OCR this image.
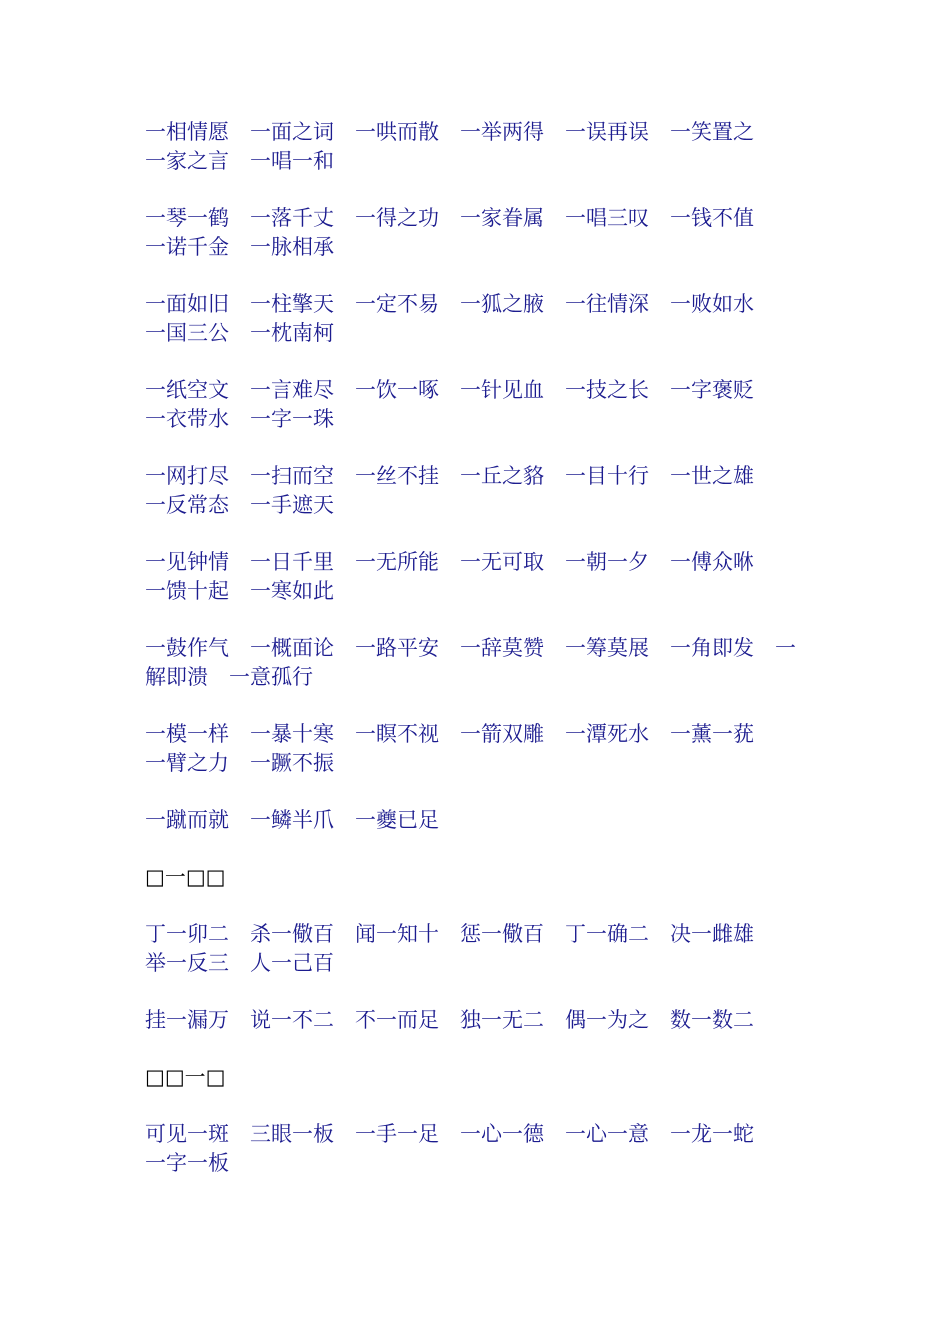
一相情愿　一面之词　一哄而散　一举两得　一误再误　一笑置之
一家之言　一唱一和
一琴一鹤　一落千丈　一得之功　一家眷属　一唱三叹　一钱不值
一诺千金　一脉相承
一面如旧　一柱擎天　一定不易　一狐之腋　一往情深　一败如水
一国三公　一枕南柯
一纸空文　一言难尽　一饮一啄　一针见血　一技之长　一字褒贬
一衣带水　一字一珠
一网打尽　一扫而空　一丝不挂　一丘之貉　一目十行　一世之雄
一反常态　一手遮天
一见钟情　一日千里　一无所能　一无可取　一朝一夕　一傅众咻
一馈十起　一寒如此
一鼓作气　一概面论　一路平安　一辞莫赞　一筹莫展　一角即发　一
解即溃　一意孤行
一模一样　一暴十寒　一瞑不视　一箭双雕　一潭死水　一薰一莸
一臂之力　一蹶不振
一蹴而就　一鳞半爪　一夔已足
□一□□
丁一卯二　杀一儆百　闻一知十　惩一儆百　丁一确二　决一雌雄
举一反三　人一己百
挂一漏万　说一不二　不一而足　独一无二　偶一为之　数一数二
□□一□
可见一斑　三眼一板　一手一足　一心一德　一心一意　一龙一蛇
一字一板
